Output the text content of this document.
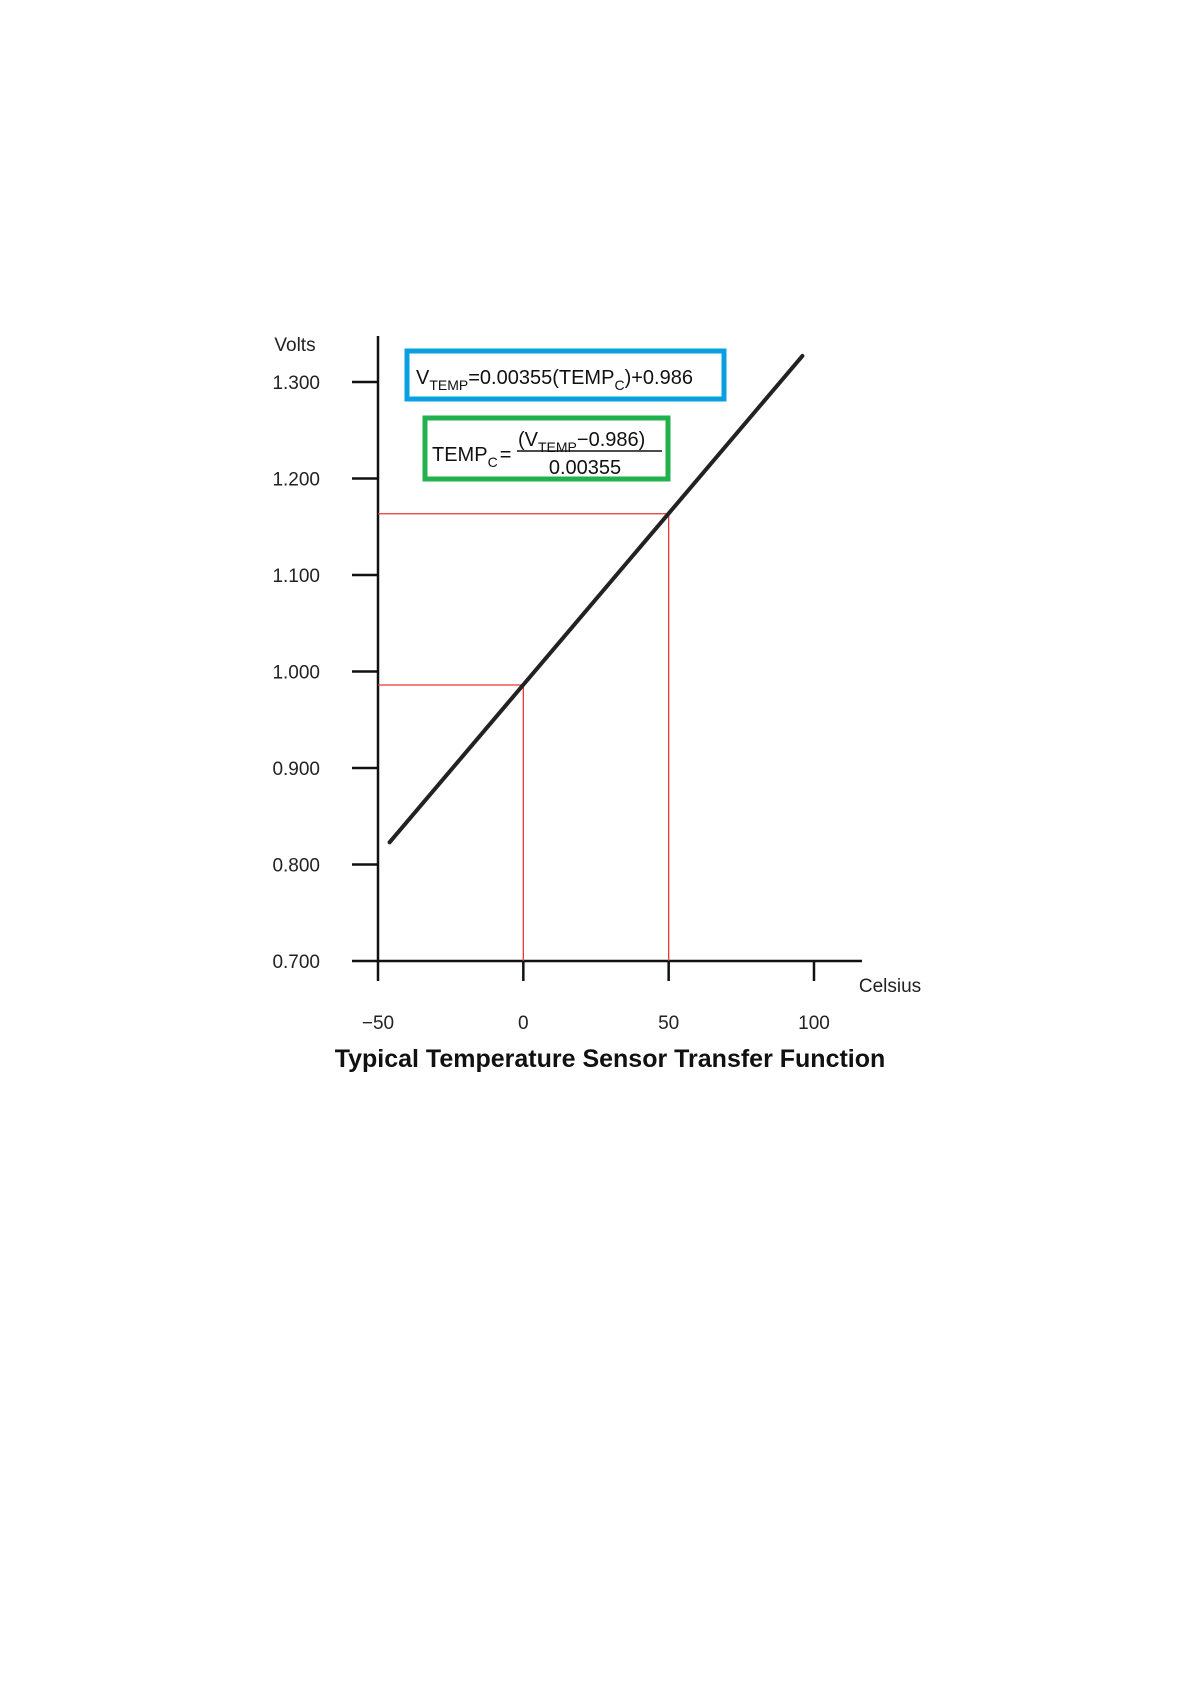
Volts
Celsius
0.700
0.800
0.900
1.000
1.100
1.200
1.300
−50	0	50	100
$V_{TEMP}=0.00355(TEMP_C)+0.986$
$TEMP_C$ =
$(V_{TEMP}-0.986)$
0.00355
Typical Temperature Sensor Transfer Function
